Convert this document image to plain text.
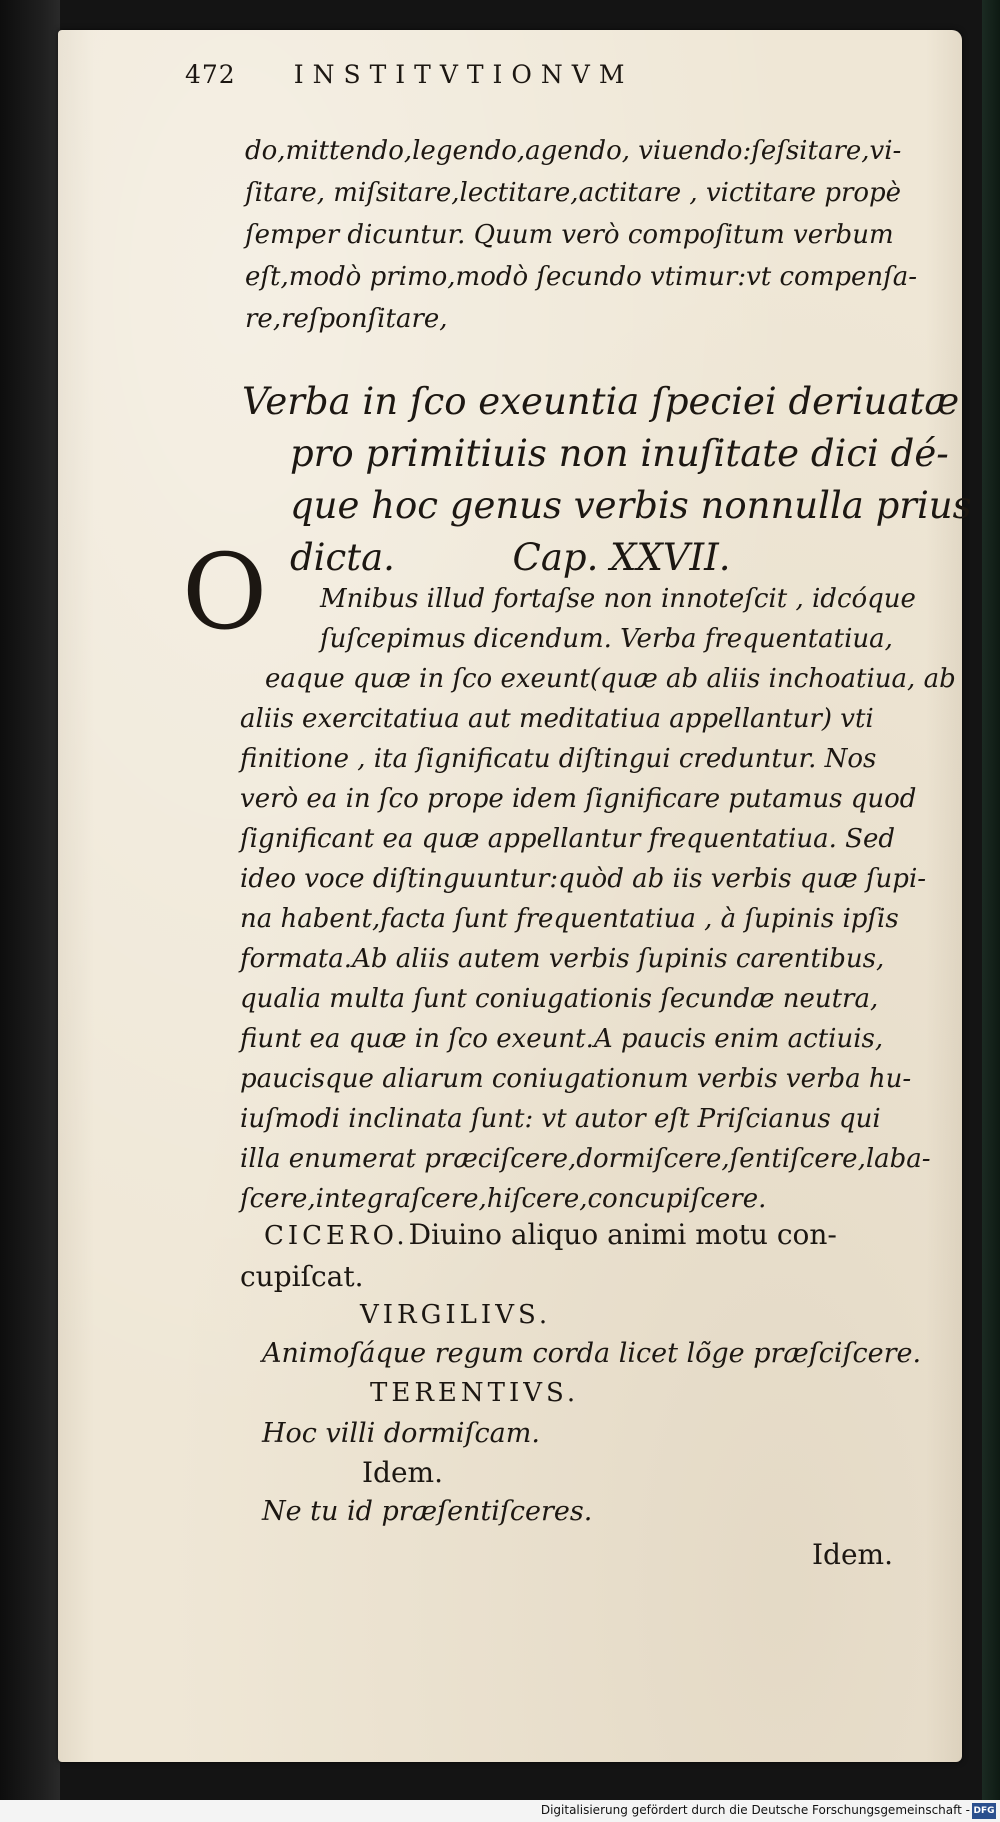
472 INSTITVTIONVM
do,mittendo,legendo,agendo, viuendo:ſeſsitare,vi-
ſitare, miſsitare,lectitare,actitare , victitare propè
ſemper dicuntur. Quum verò compoſitum verbum
eſt,modò primo,modò ſecundo vtimur:vt compenſa-
re,reſponſitare,
Verba in ſco exeuntia ſpeciei deriuatæ
pro primitiuis non inuſitate dici dé-
que hoc genus verbis nonnulla prius
dicta.          Cap. XXVII.
O Mnibus illud fortaſse non innoteſcit , idcóque
ſuſcepimus dicendum. Verba frequentatiua,
eaque quæ in ſco exeunt(quæ ab aliis inchoatiua, ab
aliis exercitatiua aut meditatiua appellantur) vti
finitione , ita ſignificatu diſtingui creduntur. Nos
verò ea in ſco prope idem ſignificare putamus quod
ſignificant ea quæ appellantur frequentatiua. Sed
ideo voce diſtinguuntur:quòd ab iis verbis quæ ſupi-
na habent,facta ſunt frequentatiua , à ſupinis ipſis
formata.Ab aliis autem verbis ſupinis carentibus,
qualia multa ſunt coniugationis ſecundæ neutra,
fiunt ea quæ in ſco exeunt.A paucis enim actiuis,
paucisque aliarum coniugationum verbis verba hu-
iuſmodi inclinata ſunt: vt autor eſt Priſcianus qui
illa enumerat præciſcere,dormiſcere,ſentiſcere,laba-
ſcere,integraſcere,hiſcere,concupiſcere.
CICERO.Diuino aliquo animi motu con-
cupiſcat.
VIRGILIVS.
Animoſáque regum corda licet lõge præſciſcere.
TERENTIVS.
Hoc villi dormiſcam.
Idem.
Ne tu id præſentiſceres.
Idem.
Digitalisierung gefördert durch die Deutsche Forschungsgemeinschaft - DFG
